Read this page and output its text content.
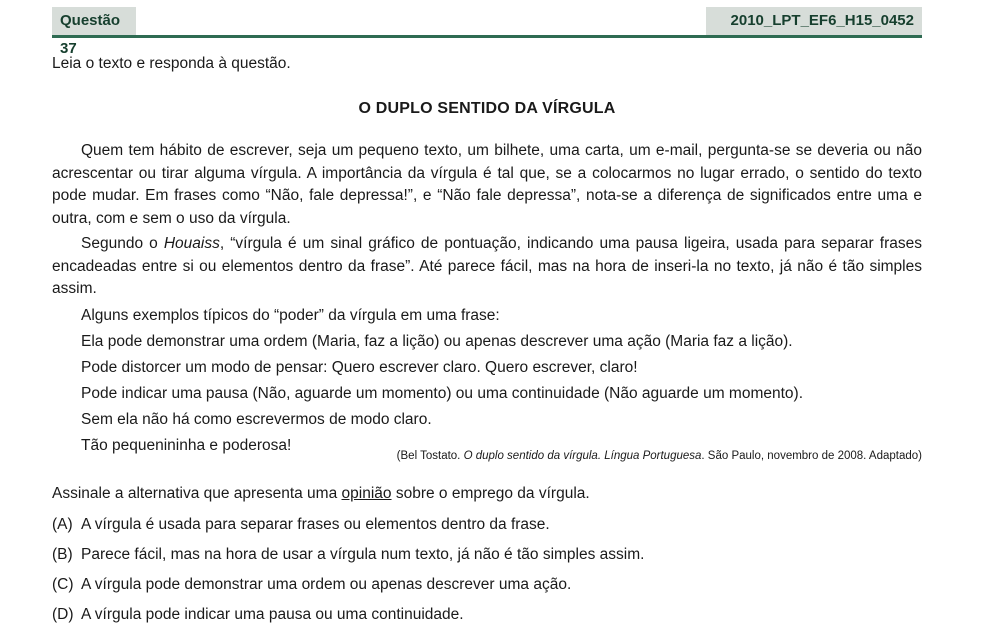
Questão 37
2010_LPT_EF6_H15_0452
Leia o texto e responda à questão.
O DUPLO SENTIDO DA VÍRGULA

Quem tem hábito de escrever, seja um pequeno texto, um bilhete, uma carta, um e-mail, pergunta-se se deveria ou não acrescentar ou tirar alguma vírgula. A importância da vírgula é tal que, se a colocarmos no lugar errado, o sentido do texto pode mudar. Em frases como “Não, fale depressa!”, e “Não fale depressa”, nota-se a diferença de significados entre uma e outra, com e sem o uso da vírgula.

Segundo o Houaiss, “vírgula é um sinal gráfico de pontuação, indicando uma pausa ligeira, usada para separar frases encadeadas entre si ou elementos dentro da frase”. Até parece fácil, mas na hora de inseri-la no texto, já não é tão simples assim.

Alguns exemplos típicos do “poder” da vírgula em uma frase:
Ela pode demonstrar uma ordem (Maria, faz a lição) ou apenas descrever uma ação (Maria faz a lição).
Pode distorcer um modo de pensar: Quero escrever claro. Quero escrever, claro!
Pode indicar uma pausa (Não, aguarde um momento) ou uma continuidade (Não aguarde um momento).
Sem ela não há como escrevermos de modo claro.
Tão pequenininha e poderosa!
(Bel Tostato. O duplo sentido da vírgula. Língua Portuguesa. São Paulo, novembro de 2008. Adaptado)
Assinale a alternativa que apresenta uma opinião sobre o emprego da vírgula.
(A) A vírgula é usada para separar frases ou elementos dentro da frase.
(B) Parece fácil, mas na hora de usar a vírgula num texto, já não é tão simples assim.
(C) A vírgula pode demonstrar uma ordem ou apenas descrever uma ação.
(D) A vírgula pode indicar uma pausa ou uma continuidade.
